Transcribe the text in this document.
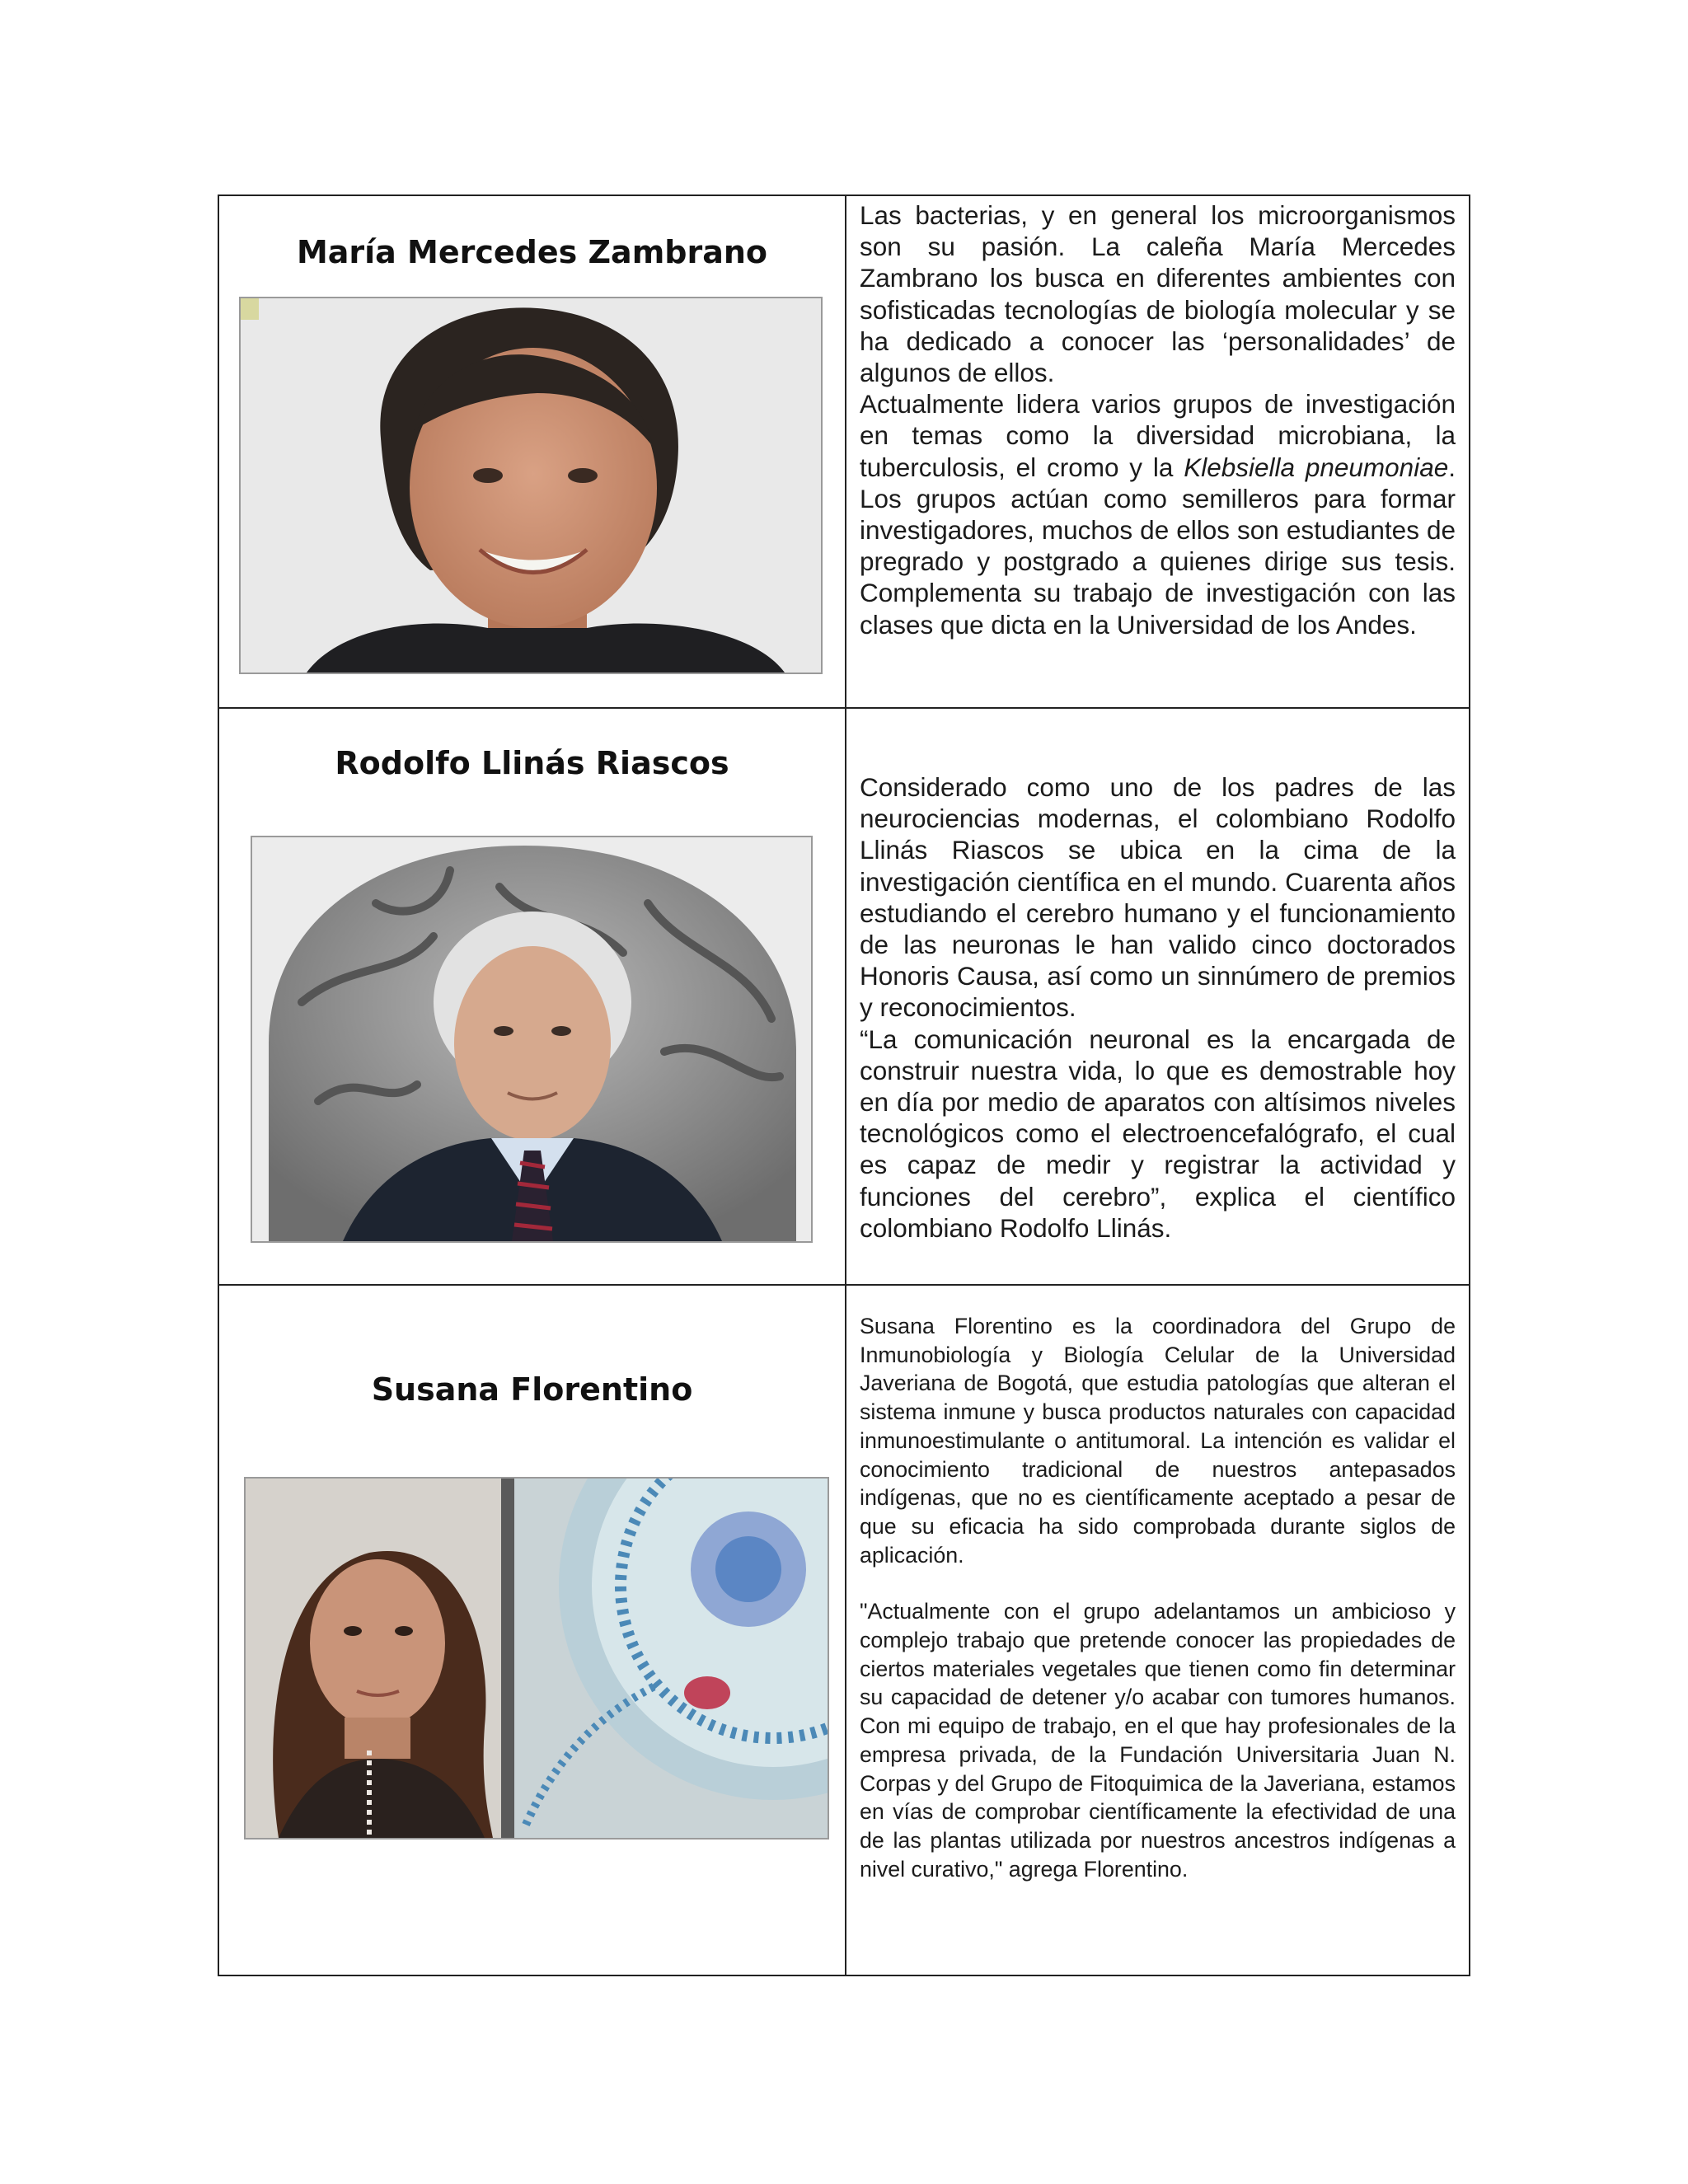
María Mercedes Zambrano

Las bacterias, y en general los microorganismos son su pasión. La caleña María Mercedes Zambrano los busca en diferentes ambientes con sofisticadas tecnologías de biología molecular y se ha dedicado a conocer las ‘personalidades’ de algunos de ellos.

Actualmente lidera varios grupos de investigación en temas como la diversidad microbiana, la tuberculosis, el cromo y la Klebsiella pneumoniae. Los grupos actúan como semilleros para formar investigadores, muchos de ellos son estudiantes de pregrado y postgrado a quienes dirige sus tesis. Complementa su trabajo de investigación con las clases que dicta en la Universidad de los Andes.

Rodolfo Llinás Riascos

Considerado como uno de los padres de las neurociencias modernas, el colombiano Rodolfo Llinás Riascos se ubica en la cima de la investigación científica en el mundo. Cuarenta años estudiando el cerebro humano y el funcionamiento de las neuronas le han valido cinco doctorados Honoris Causa, así como un sinnúmero de premios y reconocimientos.

“La comunicación neuronal es la encargada de construir nuestra vida, lo que es demostrable hoy en día por medio de aparatos con altísimos niveles tecnológicos como el electroencefalógrafo, el cual es capaz de medir y registrar la actividad y funciones del cerebro”, explica el científico colombiano Rodolfo Llinás.

Susana Florentino

Susana Florentino es la coordinadora del Grupo de Inmunobiología y Biología Celular de la Universidad Javeriana de Bogotá, que estudia patologías que alteran el sistema inmune y busca productos naturales con capacidad inmunoestimulante o antitumoral. La intención es validar el conocimiento tradicional de nuestros antepasados indígenas, que no es científicamente aceptado a pesar de que su eficacia ha sido comprobada durante siglos de aplicación.

"Actualmente con el grupo adelantamos un ambicioso y complejo trabajo que pretende conocer las propiedades de ciertos materiales vegetales que tienen como fin determinar su capacidad de detener y/o acabar con tumores humanos. Con mi equipo de trabajo, en el que hay profesionales de la empresa privada, de la Fundación Universitaria Juan N. Corpas y del Grupo de Fitoquimica de la Javeriana, estamos en vías de comprobar científicamente la efectividad de una de las plantas utilizada por nuestros ancestros indígenas a nivel curativo," agrega Florentino.
